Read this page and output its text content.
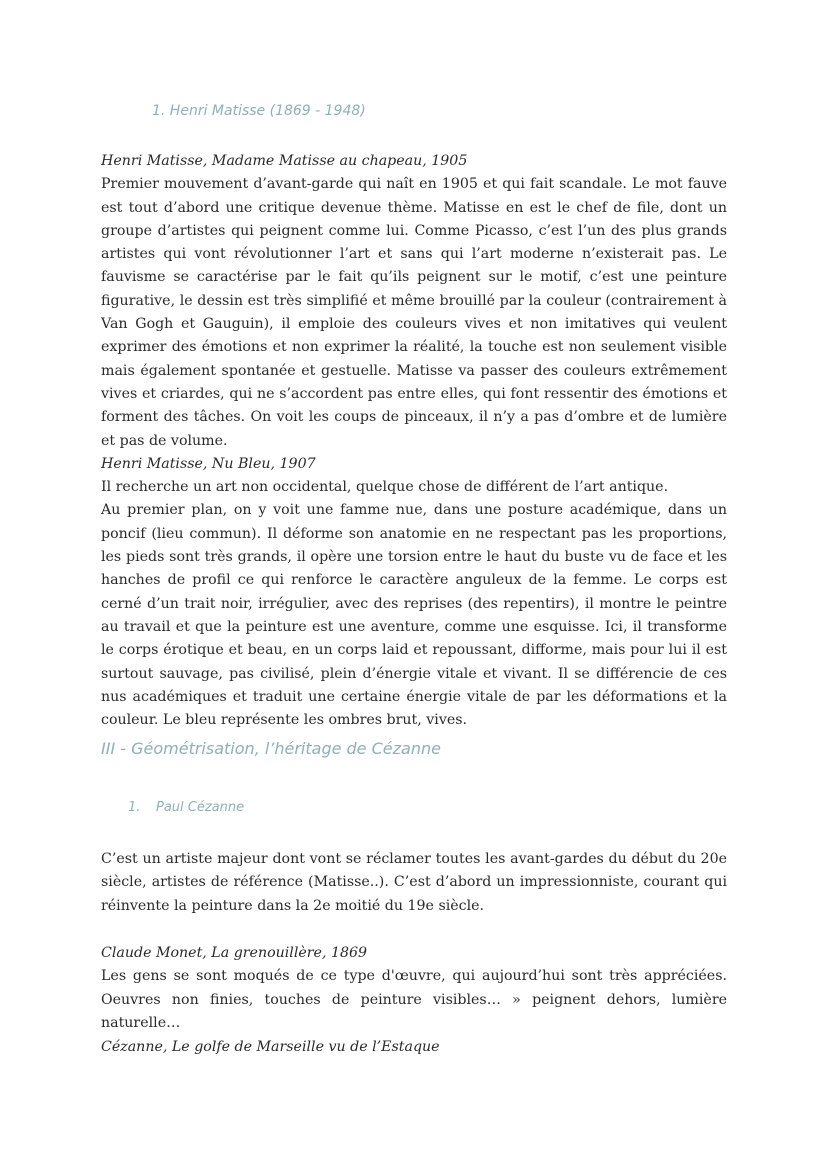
1. Henri Matisse (1869 - 1948)

Henri Matisse, Madame Matisse au chapeau, 1905

Premier mouvement d’avant-garde qui naît en 1905 et qui fait scandale. Le mot fauve est tout d’abord une critique devenue thème. Matisse en est le chef de file, dont un groupe d’artistes qui peignent comme lui. Comme Picasso, c’est l’un des plus grands artistes qui vont révolutionner l’art et sans qui l’art moderne n’existerait pas. Le fauvisme se caractérise par le fait qu’ils peignent sur le motif, c’est une peinture figurative, le dessin est très simplifié et même brouillé par la couleur (contrairement à Van Gogh et Gauguin), il emploie des couleurs vives et non imitatives qui veulent exprimer des émotions et non exprimer la réalité, la touche est non seulement visible mais également spontanée et gestuelle. Matisse va passer des couleurs extrêmement vives et criardes, qui ne s’accordent pas entre elles, qui font ressentir des émotions et forment des tâches. On voit les coups de pinceaux, il n’y a pas d’ombre et de lumière et pas de volume.

Henri Matisse, Nu Bleu, 1907

Il recherche un art non occidental, quelque chose de différent de l’art antique.

Au premier plan, on y voit une famme nue, dans une posture académique, dans un poncif (lieu commun). Il déforme son anatomie en ne respectant pas les proportions, les pieds sont très grands, il opère une torsion entre le haut du buste vu de face et les hanches de profil ce qui renforce le caractère anguleux de la femme. Le corps est cerné d’un trait noir, irrégulier, avec des reprises (des repentirs), il montre le peintre au travail et que la peinture est une aventure, comme une esquisse. Ici, il transforme le corps érotique et beau, en un corps laid et repoussant, difforme, mais pour lui il est surtout sauvage, pas civilisé, plein d’énergie vitale et vivant. Il se différencie de ces nus académiques et traduit une certaine énergie vitale de par les déformations et la couleur. Le bleu représente les ombres brut, vives.

III - Géométrisation, l’héritage de Cézanne
1. Paul Cézanne

C’est un artiste majeur dont vont se réclamer toutes les avant-gardes du début du 20e siècle, artistes de référence (Matisse..). C’est d’abord un impressionniste, courant qui réinvente la peinture dans la 2e moitié du 19e siècle.

Claude Monet, La grenouillère, 1869

Les gens se sont moqués de ce type d'œuvre, qui aujourd’hui sont très appréciées. Oeuvres non finies, touches de peinture visibles… » peignent dehors, lumière naturelle…

Cézanne, Le golfe de Marseille vu de l’Estaque
